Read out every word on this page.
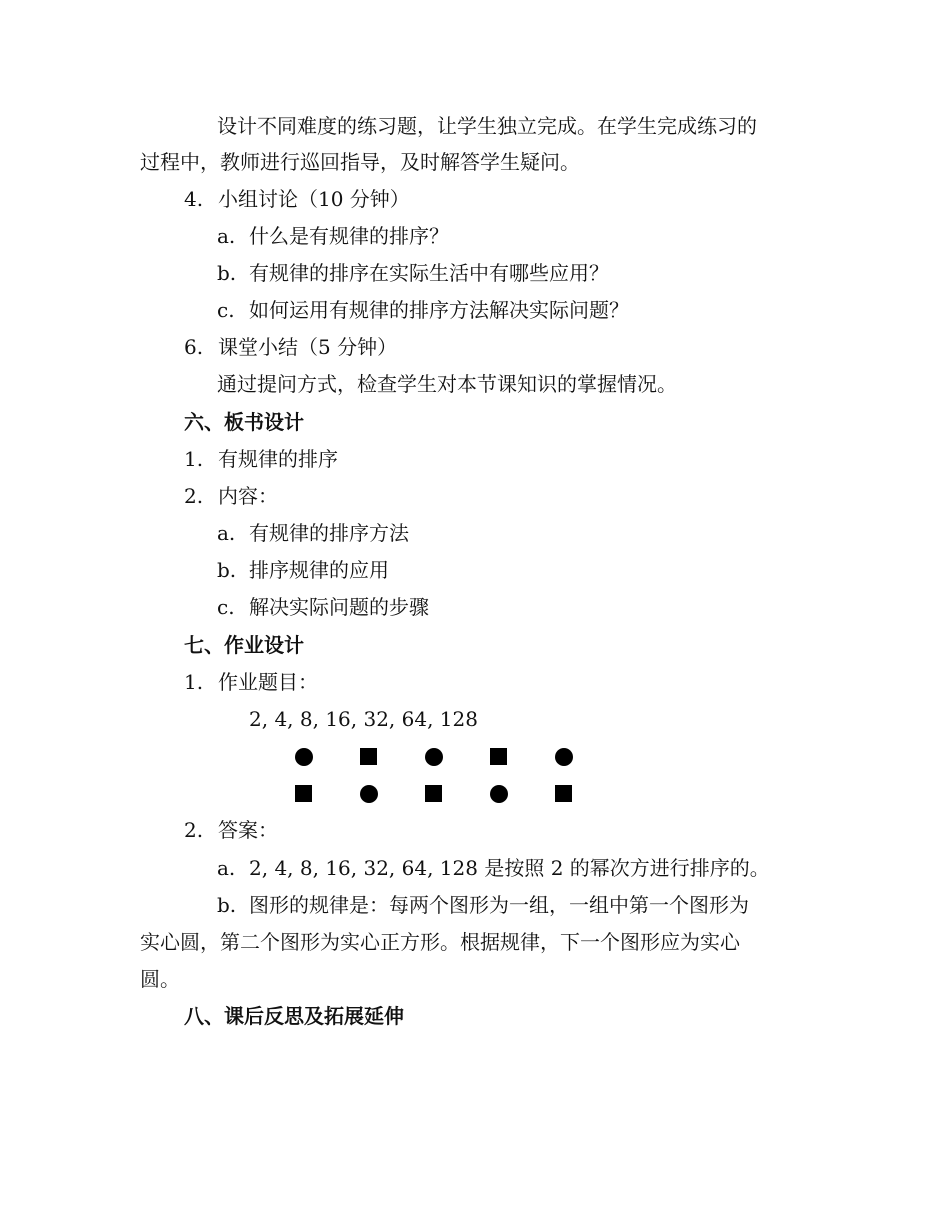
设计不同难度的练习题，让学生独立完成。在学生完成练习的
过程中，教师进行巡回指导，及时解答学生疑问。
4. 小组讨论（10 分钟）
a. 什么是有规律的排序？
b. 有规律的排序在实际生活中有哪些应用？
c. 如何运用有规律的排序方法解决实际问题？
6. 课堂小结（5 分钟）
通过提问方式，检查学生对本节课知识的掌握情况。
六、板书设计
1. 有规律的排序
2. 内容：
a. 有规律的排序方法
b. 排序规律的应用
c. 解决实际问题的步骤
七、作业设计
1. 作业题目：
2, 4, 8, 16, 32, 64, 128
2. 答案：
a. 2, 4, 8, 16, 32, 64, 128 是按照 2 的幂次方进行排序的。
b. 图形的规律是：每两个图形为一组，一组中第一个图形为
实心圆，第二个图形为实心正方形。根据规律，下一个图形应为实心
圆。
八、课后反思及拓展延伸
